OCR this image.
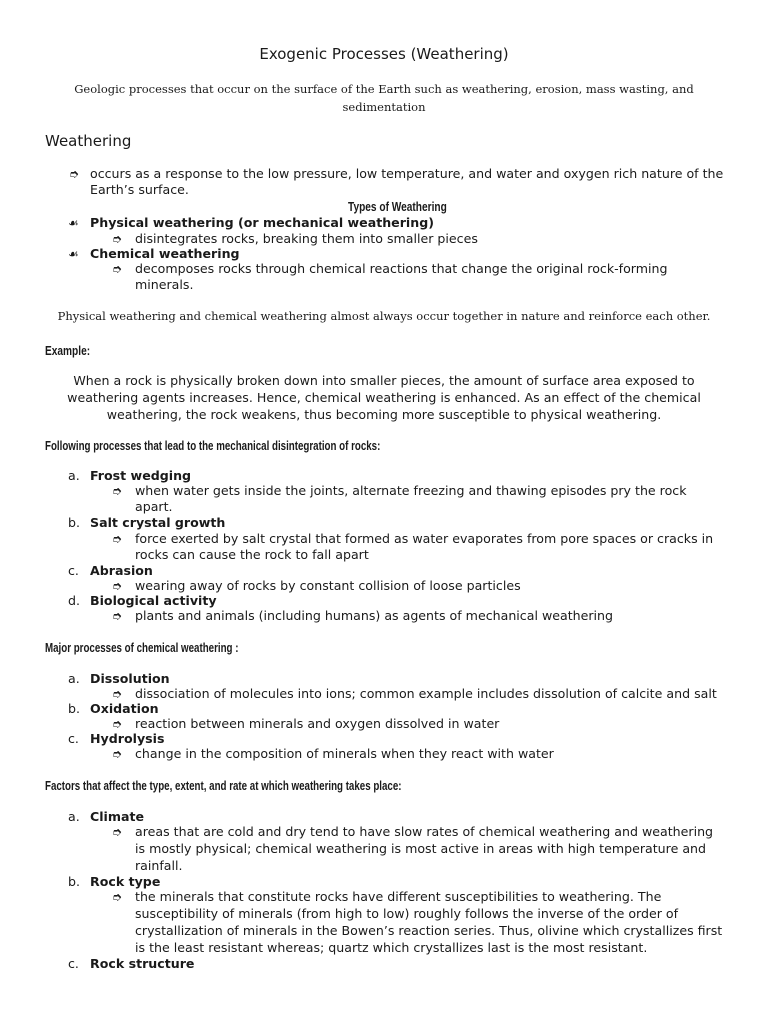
Exogenic Processes (Weathering)
Geologic processes that occur on the surface of the Earth such as weathering, erosion, mass wasting, and sedimentation
Weathering
➮ occurs as a response to the low pressure, low temperature, and water and oxygen rich nature of the
Earth’s surface.
Types of Weathering
☙ Physical weathering (or mechanical weathering)
➮ disintegrates rocks, breaking them into smaller pieces
☙ Chemical weathering
➮ decomposes rocks through chemical reactions that change the original rock-forming
minerals.
Physical weathering and chemical weathering almost always occur together in nature and reinforce each other.
Example:
When a rock is physically broken down into smaller pieces, the amount of surface area exposed to weathering agents increases. Hence, chemical weathering is enhanced. As an effect of the chemical weathering, the rock weakens, thus becoming more susceptible to physical weathering.
Following processes that lead to the mechanical disintegration of rocks:
a. Frost wedging
➮ when water gets inside the joints, alternate freezing and thawing episodes pry the rock
apart.
b. Salt crystal growth
➮ force exerted by salt crystal that formed as water evaporates from pore spaces or cracks in
rocks can cause the rock to fall apart
c. Abrasion
➮ wearing away of rocks by constant collision of loose particles
d. Biological activity
➮ plants and animals (including humans) as agents of mechanical weathering
Major processes of chemical weathering :
a. Dissolution
➮ dissociation of molecules into ions; common example includes dissolution of calcite and salt
b. Oxidation
➮ reaction between minerals and oxygen dissolved in water
c. Hydrolysis
➮ change in the composition of minerals when they react with water
Factors that affect the type, extent, and rate at which weathering takes place:
a. Climate
➮ areas that are cold and dry tend to have slow rates of chemical weathering and weathering
is mostly physical; chemical weathering is most active in areas with high temperature and
rainfall.
b. Rock type
➮ the minerals that constitute rocks have different susceptibilities to weathering. The
susceptibility of minerals (from high to low) roughly follows the inverse of the order of
crystallization of minerals in the Bowen’s reaction series. Thus, olivine which crystallizes first
is the least resistant whereas; quartz which crystallizes last is the most resistant.
c. Rock structure
